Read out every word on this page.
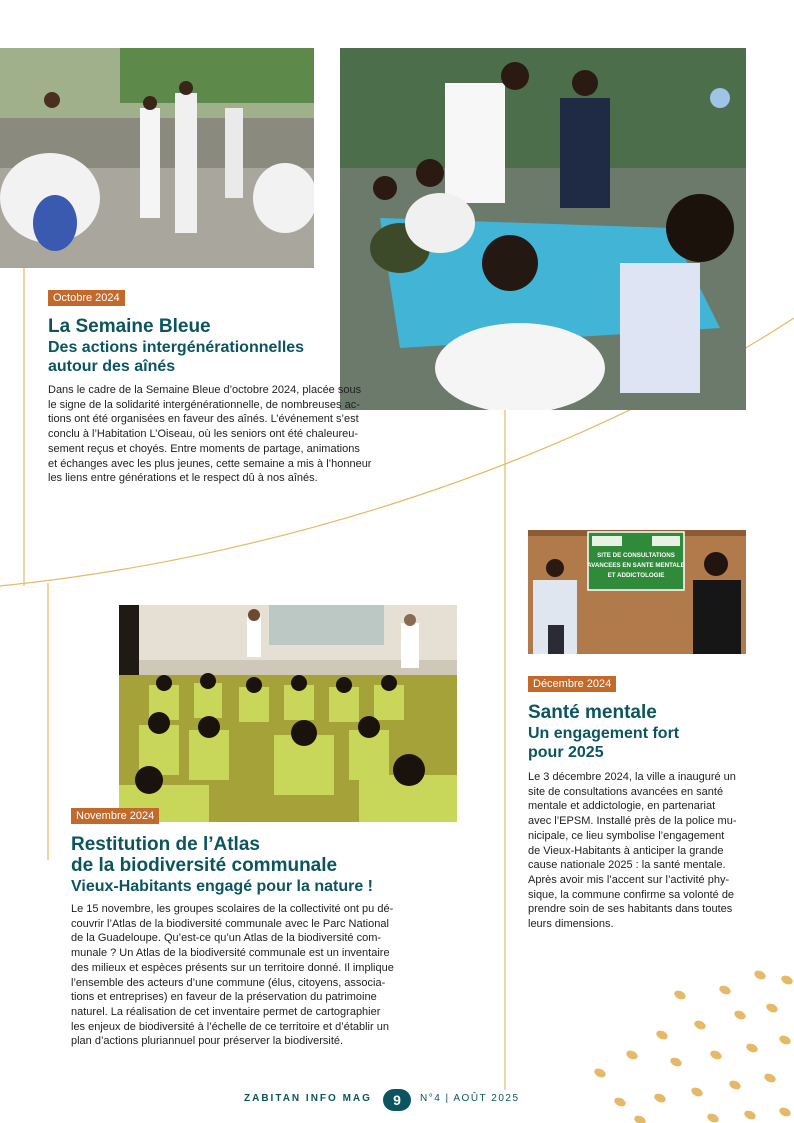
Octobre 2024
La Semaine Bleue
Des actions intergénérationnelles
autour des aînés
Dans le cadre de la Semaine Bleue d’octobre 2024, placée sous
le signe de la solidarité intergénérationnelle, de nombreuses ac-
tions ont été organisées en faveur des aînés. L’événement s’est
conclu à l’Habitation L’Oiseau, où les seniors ont été chaleureu-
sement reçus et choyés. Entre moments de partage, animations
et échanges avec les plus jeunes, cette semaine a mis à l’honneur
les liens entre générations et le respect dû à nos aînés.
SITE DE CONSULTATIONS
AVANCEES EN SANTE MENTALE
ET ADDICTOLOGIE
Décembre 2024
Santé mentale
Un engagement fort
pour 2025
Le 3 décembre 2024, la ville a inauguré un
site de consultations avancées en santé
mentale et addictologie, en partenariat
avec l’EPSM. Installé près de la police mu-
nicipale, ce lieu symbolise l’engagement
de Vieux-Habitants à anticiper la grande
cause nationale 2025 : la santé mentale.
Après avoir mis l’accent sur l’activité phy-
sique, la commune confirme sa volonté de
prendre soin de ses habitants dans toutes
leurs dimensions.
Novembre 2024
Restitution de l’Atlas
de la biodiversité communale
Vieux-Habitants engagé pour la nature !
Le 15 novembre, les groupes scolaires de la collectivité ont pu dé-
couvrir l’Atlas de la biodiversité communale avec le Parc National
de la Guadeloupe. Qu’est-ce qu’un Atlas de la biodiversité com-
munale ? Un Atlas de la biodiversité communale est un inventaire
des milieux et espèces présents sur un territoire donné. Il implique
l’ensemble des acteurs d’une commune (élus, citoyens, associa-
tions et entreprises) en faveur de la préservation du patrimoine
naturel. La réalisation de cet inventaire permet de cartographier
les enjeux de biodiversité à l’échelle de ce territoire et d’établir un
plan d’actions pluriannuel pour préserver la biodiversité.
ZABITAN INFO MAG	9	N°4 | AOÛT 2025
